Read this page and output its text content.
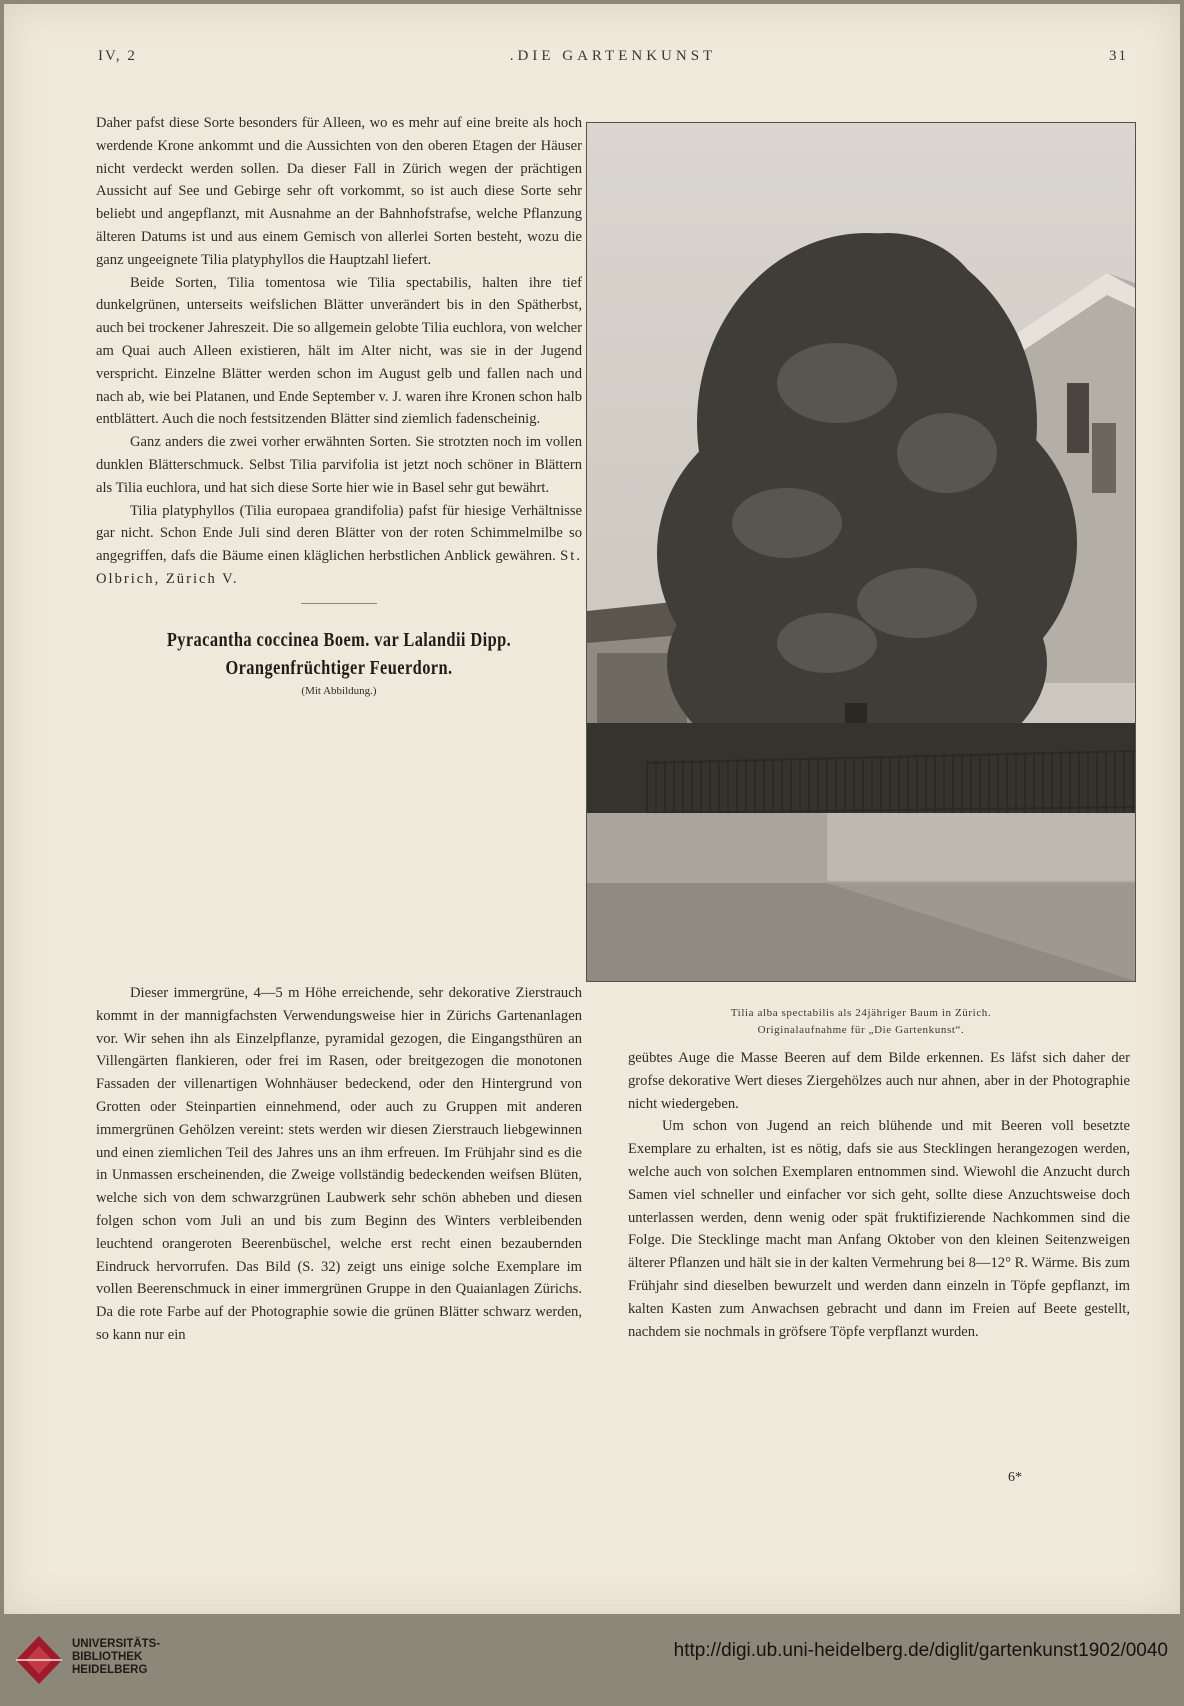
IV, 2	.DIE GARTENKUNST	31

Daher pafst diese Sorte besonders für Alleen, wo es mehr auf eine breite als hoch werdende Krone ankommt und die Aussichten von den oberen Etagen der Häuser nicht verdeckt werden sollen. Da dieser Fall in Zürich wegen der prächtigen Aussicht auf See und Gebirge sehr oft vorkommt, so ist auch diese Sorte sehr beliebt und angepflanzt, mit Ausnahme an der Bahnhofstrafse, welche Pflanzung älteren Datums ist und aus einem Gemisch von allerlei Sorten besteht, wozu die ganz ungeeignete Tilia platyphyllos die Hauptzahl liefert.

Beide Sorten, Tilia tomentosa wie Tilia spectabilis, halten ihre tief dunkelgrünen, unterseits weifslichen Blätter unverändert bis in den Spätherbst, auch bei trockener Jahreszeit. Die so allgemein gelobte Tilia euchlora, von welcher am Quai auch Alleen existieren, hält im Alter nicht, was sie in der Jugend verspricht. Einzelne Blätter werden schon im August gelb und fallen nach und nach ab, wie bei Platanen, und Ende September v. J. waren ihre Kronen schon halb entblättert. Auch die noch festsitzenden Blätter sind ziemlich fadenscheinig.

Ganz anders die zwei vorher erwähnten Sorten. Sie strotzten noch im vollen dunklen Blätterschmuck. Selbst Tilia parvifolia ist jetzt noch schöner in Blättern als Tilia euchlora, und hat sich diese Sorte hier wie in Basel sehr gut bewährt.

Tilia platyphyllos (Tilia europaea grandifolia) pafst für hiesige Verhältnisse gar nicht. Schon Ende Juli sind deren Blätter von der roten Schimmelmilbe so angegriffen, dafs die Bäume einen kläglichen herbstlichen Anblick gewähren. St. Olbrich, Zürich V.

Pyracantha coccinea Boem. var Lalandii Dipp.

Orangenfrüchtiger Feuerdorn.

(Mit Abbildung.)

Dieser immergrüne, 4—5 m Höhe erreichende, sehr dekorative Zierstrauch kommt in der mannigfachsten Verwendungsweise hier in Zürichs Gartenanlagen vor. Wir sehen ihn als Einzelpflanze, pyramidal gezogen, die Eingangsthüren an Villengärten flankieren, oder frei im Rasen, oder breitgezogen die monotonen Fassaden der villenartigen Wohnhäuser bedeckend, oder den Hintergrund von Grotten oder Steinpartien einnehmend, oder auch zu Gruppen mit anderen immergrünen Gehölzen vereint: stets werden wir diesen Zierstrauch liebgewinnen und einen ziemlichen Teil des Jahres uns an ihm erfreuen. Im Frühjahr sind es die in Unmassen erscheinenden, die Zweige vollständig bedeckenden weifsen Blüten, welche sich von dem schwarzgrünen Laubwerk sehr schön abheben und diesen folgen schon vom Juli an und bis zum Beginn des Winters verbleibenden leuchtend orangeroten Beerenbüschel, welche erst recht einen bezaubernden Eindruck hervorrufen. Das Bild (S. 32) zeigt uns einige solche Exemplare im vollen Beerenschmuck in einer immergrünen Gruppe in den Quaianlagen Zürichs. Da die rote Farbe auf der Photographie sowie die grünen Blätter schwarz werden, so kann nur ein

Tilia alba spectabilis als 24jähriger Baum in Zürich.
Originalaufnahme für „Die Gartenkunst“.

geübtes Auge die Masse Beeren auf dem Bilde erkennen. Es läfst sich daher der grofse dekorative Wert dieses Ziergehölzes auch nur ahnen, aber in der Photographie nicht wiedergeben.

Um schon von Jugend an reich blühende und mit Beeren voll besetzte Exemplare zu erhalten, ist es nötig, dafs sie aus Stecklingen herangezogen werden, welche auch von solchen Exemplaren entnommen sind. Wiewohl die Anzucht durch Samen viel schneller und einfacher vor sich geht, sollte diese Anzuchtsweise doch unterlassen werden, denn wenig oder spät fruktifizierende Nachkommen sind die Folge. Die Stecklinge macht man Anfang Oktober von den kleinen Seitenzweigen älterer Pflanzen und hält sie in der kalten Vermehrung bei 8—12° R. Wärme. Bis zum Frühjahr sind dieselben bewurzelt und werden dann einzeln in Töpfe gepflanzt, im kalten Kasten zum Anwachsen gebracht und dann im Freien auf Beete gestellt, nachdem sie nochmals in gröfsere Töpfe verpflanzt wurden.

6*
UNIVERSITÄTS-
BIBLIOTHEK
HEIDELBERG
http://digi.ub.uni-heidelberg.de/diglit/gartenkunst1902/0040
